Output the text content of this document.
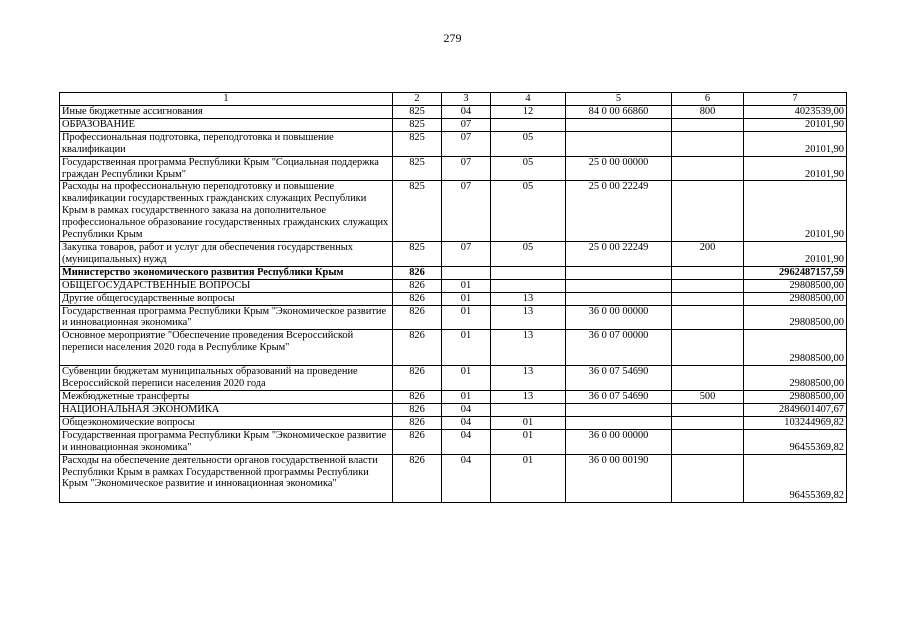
279
1	2	3	4	5	6	7
Иные бюджетные ассигнования	825	04	12	84 0 00 66860	800	4023539,00
ОБРАЗОВАНИЕ	825	07				20101,90
Профессиональная подготовка, переподготовка и повышение квалификации	825	07	05			20101,90
Государственная программа Республики Крым "Социальная поддержка граждан Республики Крым"	825	07	05	25 0 00 00000		20101,90
Расходы на профессиональную переподготовку и повышение квалификации государственных гражданских служащих Республики Крым в рамках государственного заказа на дополнительное профессиональное образование государственных гражданских служащих Республики Крым	825	07	05	25 0 00 22249		20101,90
Закупка товаров, работ и услуг для обеспечения государственных (муниципальных) нужд	825	07	05	25 0 00 22249	200	20101,90
Министерство экономического развития Республики Крым	826					2962487157,59
ОБЩЕГОСУДАРСТВЕННЫЕ ВОПРОСЫ	826	01				29808500,00
Другие общегосударственные вопросы	826	01	13			29808500,00
Государственная программа Республики Крым "Экономическое развитие и инновационная экономика"	826	01	13	36 0 00 00000		29808500,00
Основное мероприятие "Обеспечение проведения Всероссийской переписи населения 2020 года в Республике Крым"	826	01	13	36 0 07 00000		29808500,00
Субвенции бюджетам муниципальных образований на проведение Всероссийской переписи населения 2020 года	826	01	13	36 0 07 54690		29808500,00
Межбюджетные трансферты	826	01	13	36 0 07 54690	500	29808500,00
НАЦИОНАЛЬНАЯ ЭКОНОМИКА	826	04				2849601407,67
Общеэкономические вопросы	826	04	01			103244969,82
Государственная программа Республики Крым "Экономическое развитие и инновационная экономика"	826	04	01	36 0 00 00000		96455369,82
Расходы на обеспечение деятельности органов государственной власти Республики Крым в рамках Государственной программы Республики Крым "Экономическое развитие и инновационная экономика"	826	04	01	36 0 00 00190		96455369,82
